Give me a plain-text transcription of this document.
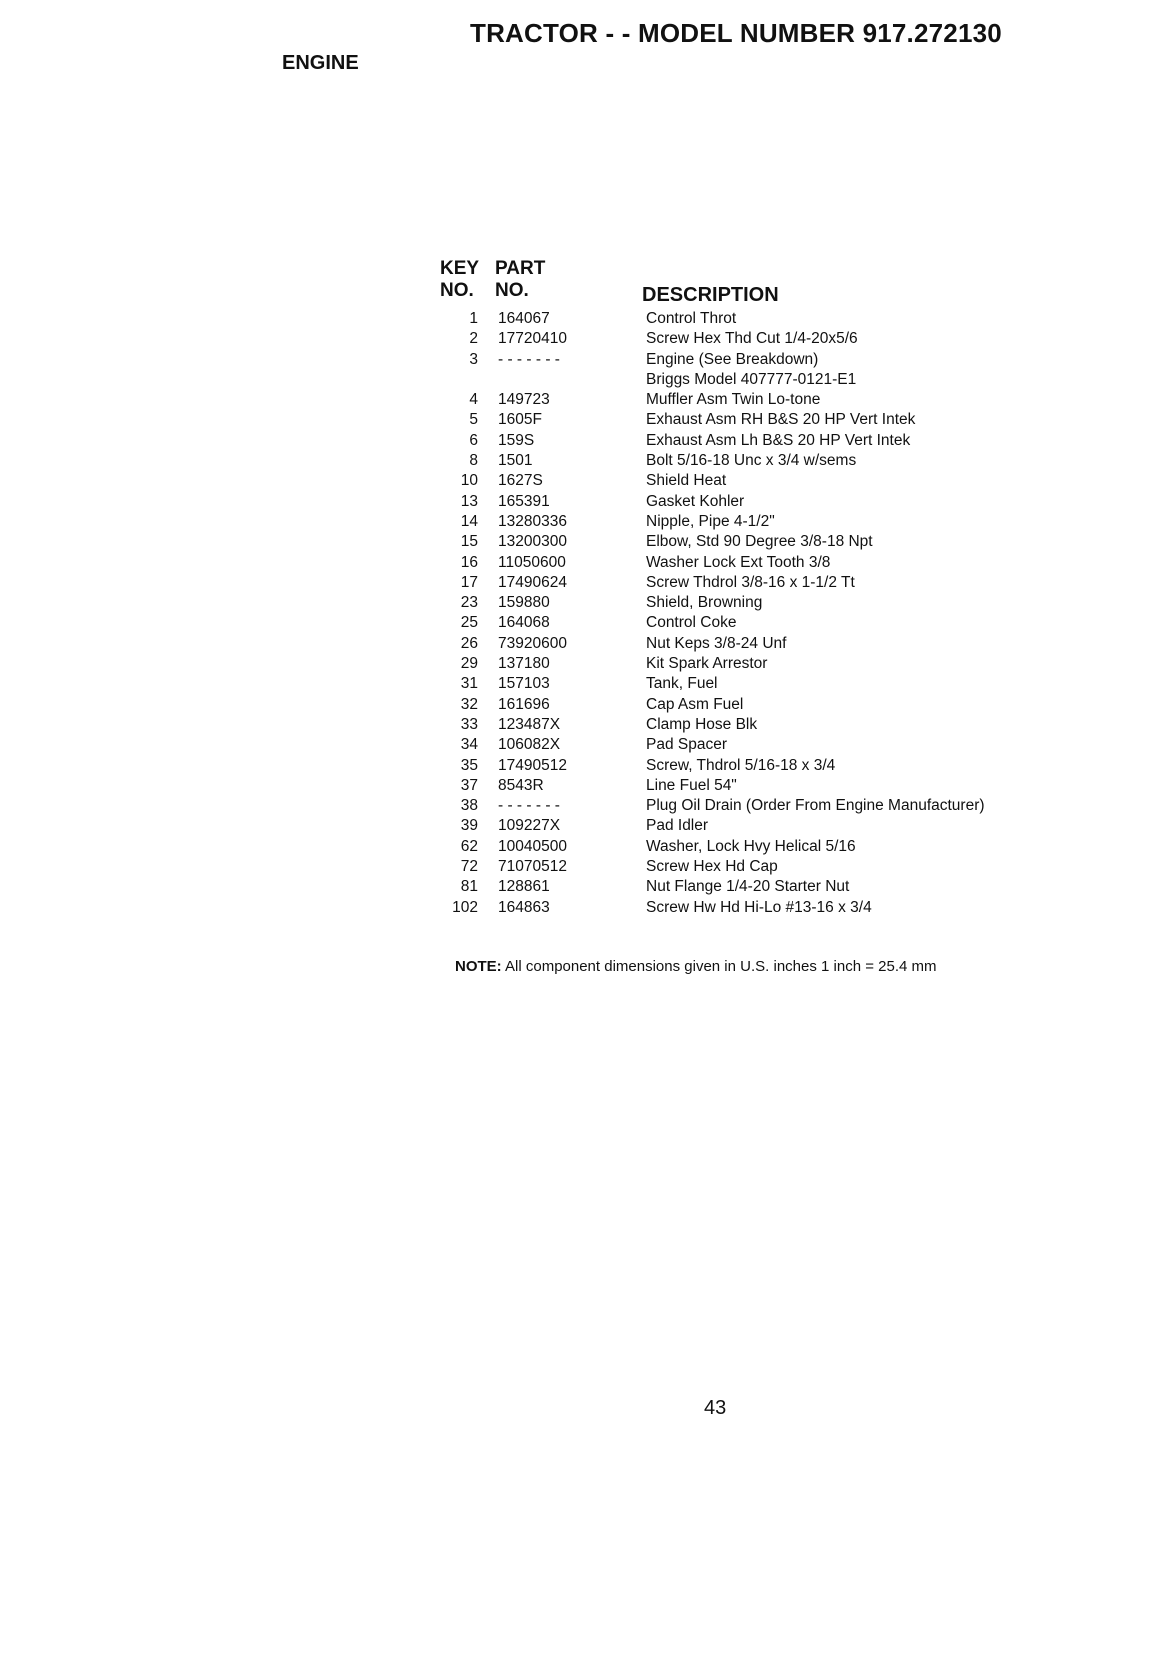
TRACTOR - - MODEL NUMBER 917.272130
ENGINE
KEY PART
NO. NO.	DESCRIPTION
1 164067	Control Throt
2 17720410	Screw Hex Thd Cut 1/4-20x5/6
3 - - - - - - -	Engine (See Breakdown)
Briggs Model 407777-0121-E1
4 149723	Muffler Asm Twin Lo-tone
5 1605F	Exhaust Asm RH B&S 20 HP Vert Intek
6 159S	Exhaust Asm Lh B&S 20 HP Vert Intek
8 1501	Bolt 5/16-18 Unc x 3/4 w/sems
10 1627S	Shield Heat
13 165391	Gasket Kohler
14 13280336	Nipple, Pipe 4-1/2"
15 13200300	Elbow, Std 90 Degree 3/8-18 Npt
16 11050600	Washer Lock Ext Tooth 3/8
17 17490624	Screw Thdrol 3/8-16 x 1-1/2 Tt
23 159880	Shield, Browning
25 164068	Control Coke
26 73920600	Nut Keps 3/8-24 Unf
29 137180	Kit Spark Arrestor
31 157103	Tank, Fuel
32 161696	Cap Asm Fuel
33 123487X	Clamp Hose Blk
34 106082X	Pad Spacer
35 17490512	Screw, Thdrol 5/16-18 x 3/4
37 8543R	Line Fuel 54"
38 - - - - - - -	Plug Oil Drain (Order From Engine Manufacturer)
39 109227X	Pad Idler
62 10040500	Washer, Lock Hvy Helical 5/16
72 71070512	Screw Hex Hd Cap
81 128861	Nut Flange 1/4-20 Starter Nut
102 164863	Screw Hw Hd Hi-Lo #13-16 x 3/4
NOTE: All component dimensions given in U.S. inches 1 inch = 25.4 mm
43
